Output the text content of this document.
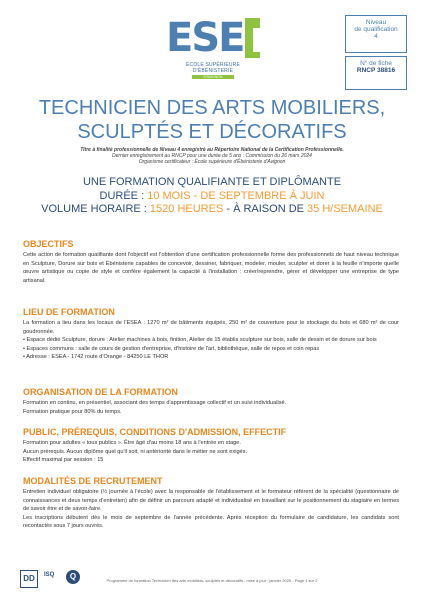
ESE
ÉCOLE SUPÉRIEURE D'ÉBÉNISTERIE
D'AVIGNON
Niveau
de qualification
4
N° de fiche
RNCP 38816
TECHNICIEN DES ARTS MOBILIERS,
SCULPTÉS ET DÉCORATIFS
Titre à finalité professionnelle de Niveau 4 enregistré au Répertoire National de la Certification Professionnelle.
Dernier enregistrement au RNCP pour une durée de 5 ans : Commission du 26 mars 2024
Organisme certificateur : École supérieure d'Ébénisterie d'Avignon
UNE FORMATION QUALIFIANTE ET DIPLÔMANTE
DURÉE : 10 MOIS - DE SEPTEMBRE À JUIN
VOLUME HORAIRE : 1520 HEURES - À RAISON DE 35 H/SEMAINE
OBJECTIFS
Cette action de formation qualifiante dont l'objectif est l'obtention d'une certification professionnelle forme des professionnels de haut niveau technique en Sculpture, Dorure sur bois et Ébénisterie capables de concevoir, dessiner, fabriquer, modeler, mouler, sculpter et dorer à la feuille n'importe quelle œuvre artistique ou copie de style et confère également la capacité à l'installation : créer/reprendre, gérer et développer une entreprise de type artisanal.
LIEU DE FORMATION
La formation a lieu dans les locaux de l'ESEA : 1270 m² de bâtiments équipés, 250 m² de couverture pour le stockage du bois et 680 m² de cour goudronnée.
• Espace dédié Sculpture, dorure : Atelier machines à bois, finition, Atelier de 15 établis sculpture sur bois, salle de dessin et de dorure sur bois
• Espaces communs : salle de cours de gestion d'entreprise, d'histoire de l'art, bibliothèque, salle de repos et coin repas
• Adresse : ESEA - 1742 route d'Orange - 84250 LE THOR
ORGANISATION DE LA FORMATION
Formation en continu, en présentiel, associant des temps d'apprentissage collectif et un suivi individualisé.
Formation pratique pour 80% du temps.
PUBLIC, PRÉREQUIS, CONDITIONS D'ADMISSION, EFFECTIF
Formation pour adultes « tous publics ». Être âgé d'au moins 18 ans à l'entrée en stage.
Aucun prérequis. Aucun diplôme quel qu'il soit, ni antériorité dans le métier ne sont exigés.
Effectif maximal par session : 15
MODALITÉS DE RECRUTEMENT
Entretien individuel obligatoire (½ journée à l'école) avec la responsable de l'établissement et le formateur référent de la spécialité (questionnaire de connaissances et deux temps d'entretien) afin de définir un parcours adapté et individualisé en travaillant sur le positionnement du stagiaire en termes de savoir être et de savoir-faire.
Les inscriptions débutent dès le mois de septembre de l'année précédente. Après réception du formulaire de candidature, les candidats sont recontactés sous 7 jours ouvrés.
DD	ISQ	Q	Programme de formation Technicien des arts mobiliers, sculptés et décoratifs - mise à jour : janvier 2025 - Page 1 sur 2
